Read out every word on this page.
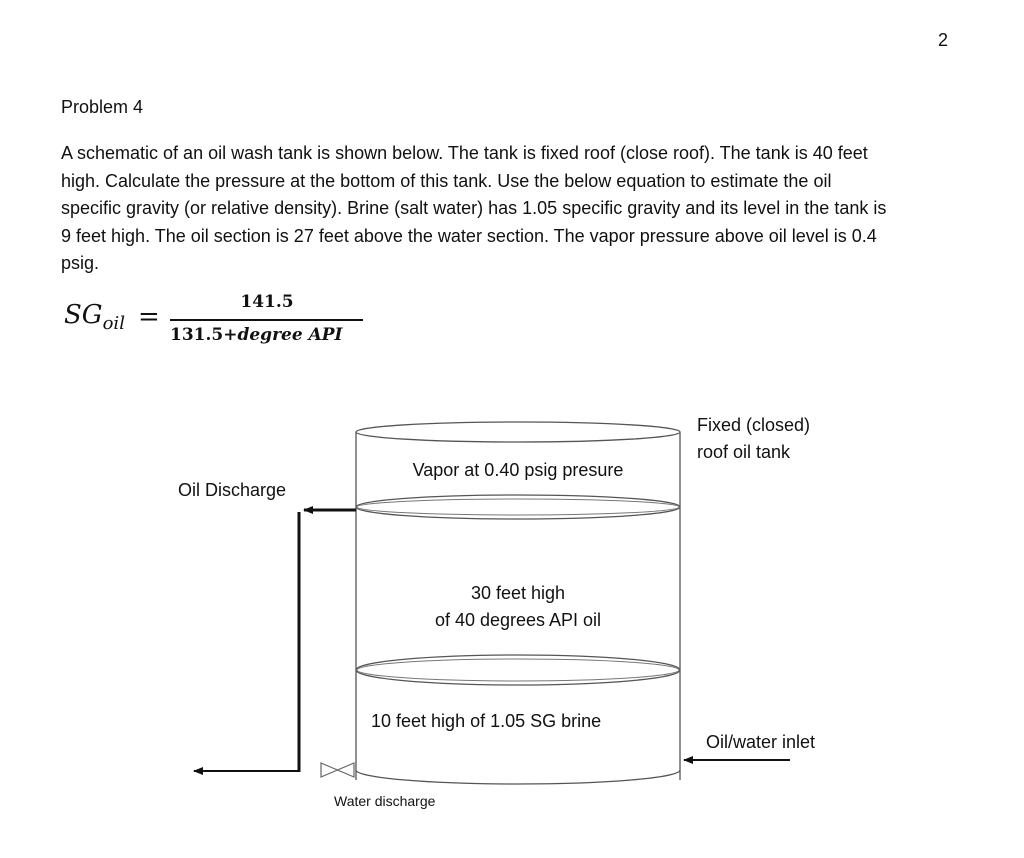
2
Problem 4

A schematic of an oil wash tank is shown below. The tank is fixed roof (close roof). The tank is 40 feet

high. Calculate the pressure at the bottom of this tank. Use the below equation to estimate the oil

specific gravity (or relative density). Brine (salt water) has 1.05 specific gravity and its level in the tank is

9 feet high. The oil section is 27 feet above the water section. The vapor pressure above oil level is 0.4

psig.

$SG_{oil}$ =	141.5
131.5+degree API
Fixed (closed)
roof oil tank
Vapor at 0.40 psig presure
Oil Discharge
30 feet high
of 40 degrees API oil
10 feet high of 1.05 SG brine
Oil/water inlet
Water discharge
